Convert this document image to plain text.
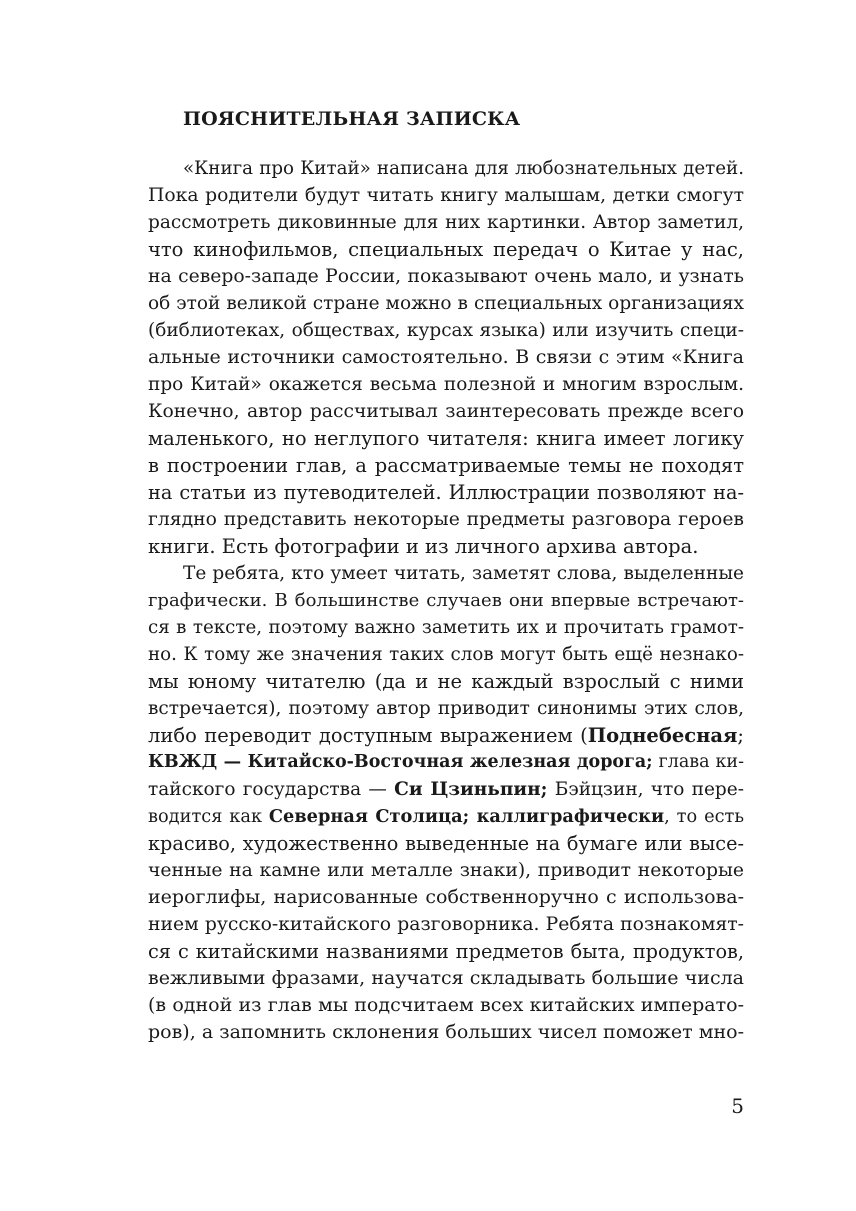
ПОЯСНИТЕЛЬНАЯ ЗАПИСКА
«Книга про Китай» написана для любознательных детей.
Пока родители будут читать книгу малышам, детки смогут
рассмотреть диковинные для них картинки. Автор заметил,
что кинофильмов, специальных передач о Китае у нас,
на северо-западе России, показывают очень мало, и узнать
об этой великой стране можно в специальных организациях
(библиотеках, обществах, курсах языка) или изучить специ-
альные источники самостоятельно. В связи с этим «Книга
про Китай» окажется весьма полезной и многим взрослым.
Конечно, автор рассчитывал заинтересовать прежде всего
маленького, но неглупого читателя: книга имеет логику
в построении глав, а рассматриваемые темы не походят
на статьи из путеводителей. Иллюстрации позволяют на-
глядно представить некоторые предметы разговора героев
книги. Есть фотографии и из личного архива автора.
Те ребята, кто умеет читать, заметят слова, выделенные
графически. В большинстве случаев они впервые встречают-
ся в тексте, поэтому важно заметить их и прочитать грамот-
но. К тому же значения таких слов могут быть ещё незнако-
мы юному читателю (да и не каждый взрослый с ними
встречается), поэтому автор приводит синонимы этих слов,
либо переводит доступным выражением (Поднебесная;
КВЖД — Китайско-Восточная железная дорога; глава ки-
тайского государства — Си Цзиньпин; Бэйцзин, что пере-
водится как Северная Столица; каллиграфически, то есть
красиво, художественно выведенные на бумаге или высе-
ченные на камне или металле знаки), приводит некоторые
иероглифы, нарисованные собственноручно с использова-
нием русско-китайского разговорника. Ребята познакомят-
ся с китайскими названиями предметов быта, продуктов,
вежливыми фразами, научатся складывать большие числа
(в одной из глав мы подсчитаем всех китайских императо-
ров), а запомнить склонения больших чисел поможет мно-
5
